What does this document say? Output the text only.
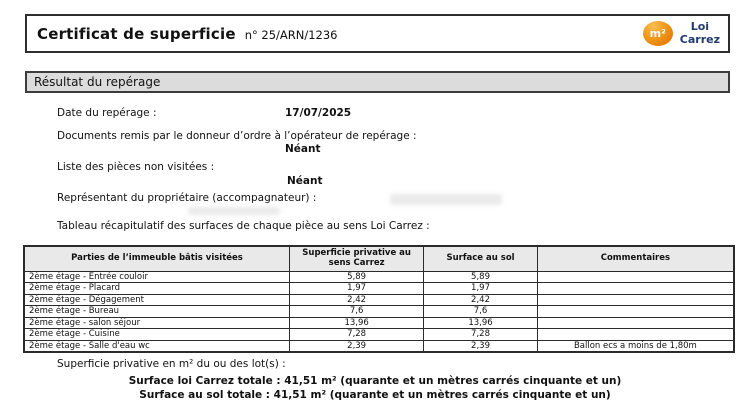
Certificat de superficie n° 25/ARN/1236	m²
Loi
Carrez
Résultat du repérage
Date du repérage :	17/07/2025
Documents remis par le donneur d’ordre à l’opérateur de repérage :
Néant
Liste des pièces non visitées :
Néant
Représentant du propriétaire (accompagnateur) :
Tableau récapitulatif des surfaces de chaque pièce au sens Loi Carrez :
Parties de l’immeuble bâtis visitées	Superficie privative au sens Carrez	Surface au sol	Commentaires
2ème étage - Entrée couloir	5,89	5,89	
2ème étage - Placard	1,97	1,97	
2ème étage - Dégagement	2,42	2,42	
2ème étage - Bureau	7,6	7,6	
2ème étage - salon séjour	13,96	13,96	
2ème étage - Cuisine	7,28	7,28	
2ème étage - Salle d'eau wc	2,39	2,39	Ballon ecs a moins de 1,80m
Superficie privative en m² du ou des lot(s) :
Surface loi Carrez totale : 41,51 m² (quarante et un mètres carrés cinquante et un)
Surface au sol totale : 41,51 m² (quarante et un mètres carrés cinquante et un)
